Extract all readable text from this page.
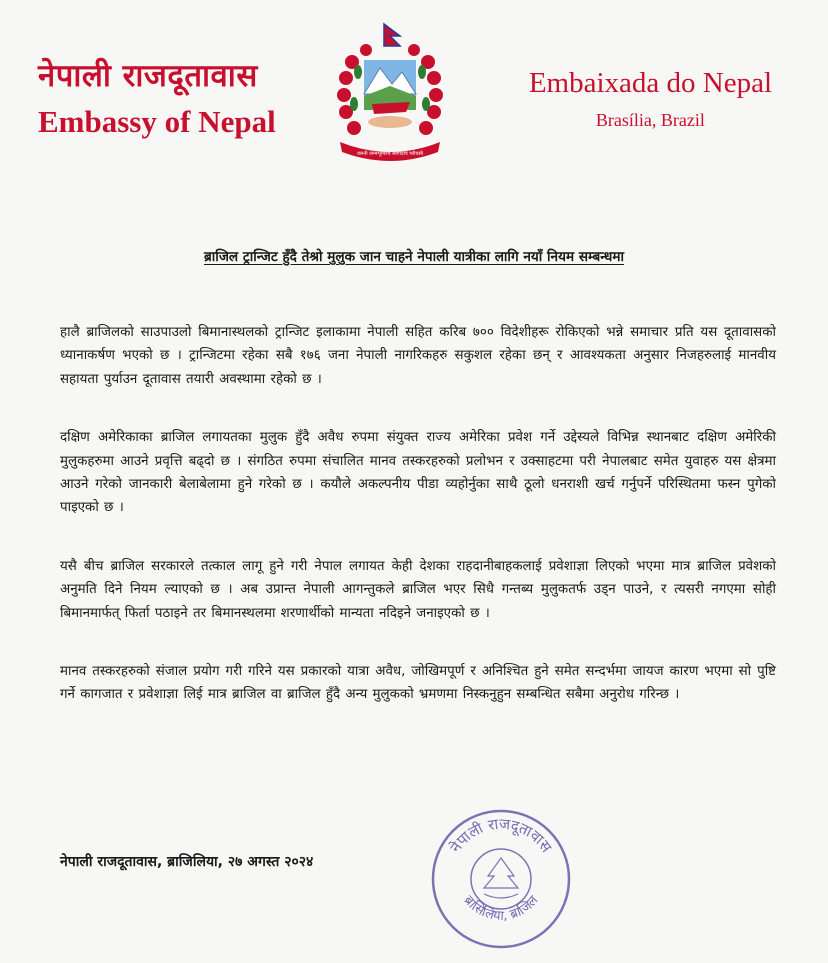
नेपाली राजदूतावास
Embassy of Nepal
जननी जन्मभूमिश्च स्वर्गादपि गरीयसी
Embaixada do Nepal
Brasília, Brazil
ब्राजिल ट्रान्जिट हुँदै तेश्रो मुलुक जान चाहने नेपाली यात्रीका लागि नयाँ नियम सम्बन्धमा

हालै ब्राजिलको साउपाउलो बिमानास्थलको ट्रान्जिट इलाकामा नेपाली सहित करिब ७०० विदेशीहरू रोकिएको भन्ने समाचार प्रति यस दूतावासको ध्यानाकर्षण भएको छ । ट्रान्जिटमा रहेका सबै १७६ जना नेपाली नागरिकहरु सकुशल रहेका छन् र आवश्यकता अनुसार निजहरुलाई मानवीय सहायता पुर्याउन दूतावास तयारी अवस्थामा रहेको छ ।

दक्षिण अमेरिकाका ब्राजिल लगायतका मुलुक हुँदै अवैध रुपमा संयुक्त राज्य अमेरिका प्रवेश गर्ने उद्देस्यले विभिन्न स्थानबाट दक्षिण अमेरिकी मुलुकहरुमा आउने प्रवृत्ति बढ्दो छ । संगठित रुपमा संचालित मानव तस्करहरुको प्रलोभन र उक्साहटमा परी नेपालबाट समेत युवाहरु यस क्षेत्रमा आउने गरेको जानकारी बेलाबेलामा हुने गरेको छ । कयौले अकल्पनीय पीडा व्यहोर्नुका साथै ठूलो धनराशी खर्च गर्नुपर्ने परिस्थितमा फस्न पुगेको पाइएको छ ।

यसै बीच ब्राजिल सरकारले तत्काल लागू हुने गरी नेपाल लगायत केही देशका राहदानीबाहकलाई प्रवेशाज्ञा लिएको भएमा मात्र ब्राजिल प्रवेशको अनुमति दिने नियम ल्याएको छ । अब उप्रान्त नेपाली आगन्तुकले ब्राजिल भएर सिधै गन्तब्य मुलुकतर्फ उड्न पाउने, र त्यसरी नगएमा सोही बिमानमार्फत् फिर्ता पठाइने तर बिमानस्थलमा शरणार्थीको मान्यता नदिइने जनाइएको छ ।

मानव तस्करहरुको संजाल प्रयोग गरी गरिने यस प्रकारको यात्रा अवैध, जोखिमपूर्ण र अनिश्चित हुने समेत सन्दर्भमा जायज कारण भएमा सो पुष्टि गर्ने कागजात र प्रवेशाज्ञा लिई मात्र ब्राजिल वा ब्राजिल हुँदै अन्य मुलुकको भ्रमणमा निस्कनुहुन सम्बन्धित सबैमा अनुरोध गरिन्छ ।

नेपाली राजदूतावास, ब्राजिलिया, २७ अगस्त २०२४
नेपाली राजदूतावास
ब्रासिलिया, ब्राजिल
